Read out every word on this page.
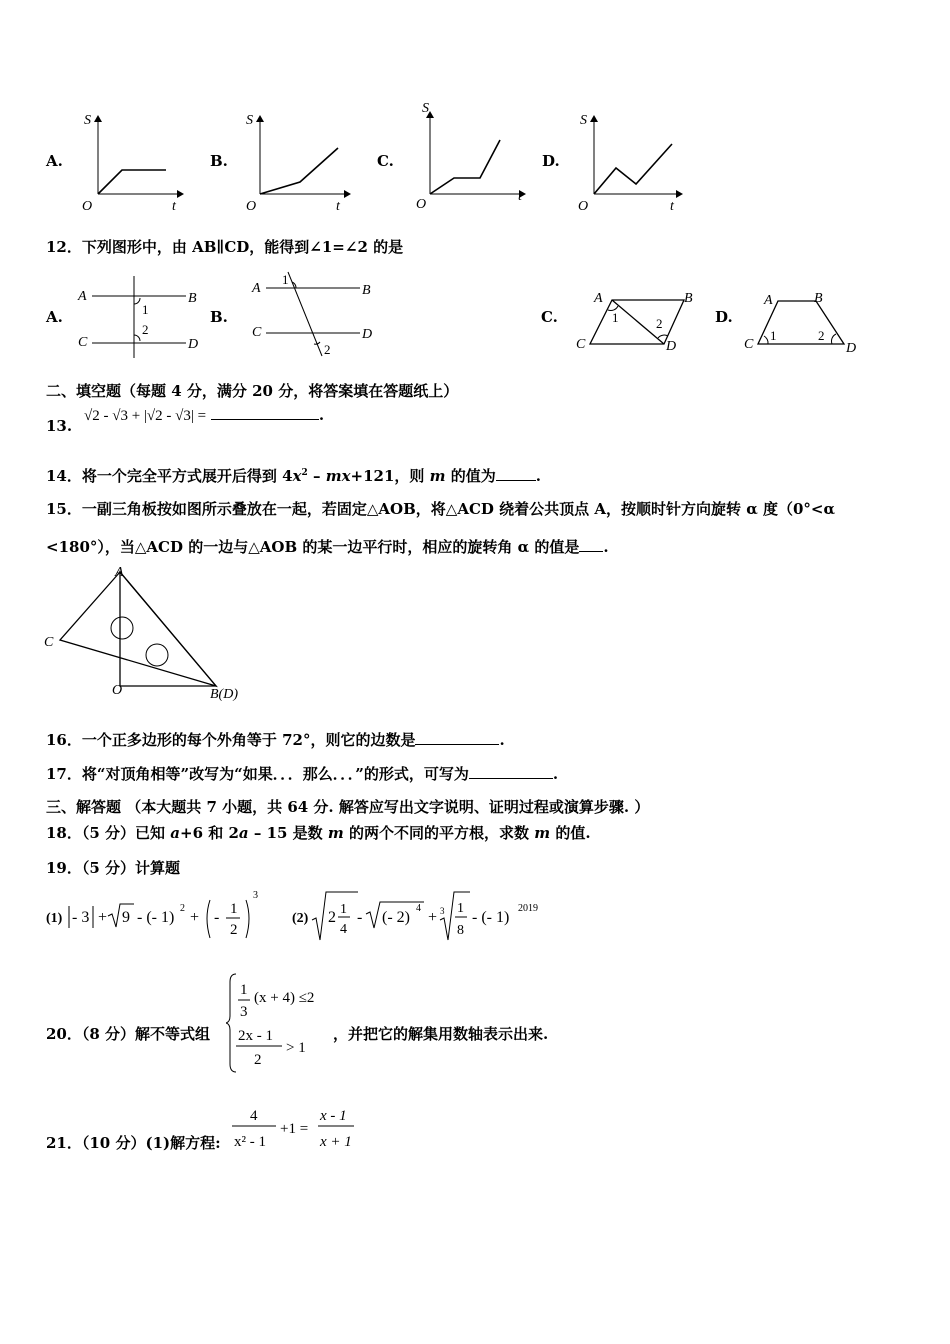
A.	B.	C.	D.
S
O	t
S
O	t
S
O
t
S
O	t
12．下列图形中，由 AB∥CD，能得到∠1=∠2 的是
A.	B.	C.	D.
A	B
C	D
1
2
A	B
C	D
1
2
A	B
C	D
1	2
A	B
C	D
1	2
二、填空题（每题 4 分，满分 20 分，将答案填在答题纸上）
13.
√2 - √3 + |√2 - √3| =	.
14．将一个完全平方式展开后得到 $4x^2 - mx+121$，则 m 的值为	.
15．一副三角板按如图所示叠放在一起，若固定△AOB，将△ACD 绕着公共顶点 A，按顺时针方向旋转 α 度（0°<α
<180°），当△ACD 的一边与△AOB 的某一边平行时，相应的旋转角 α 的值是 .
A
C
O	B(D)
16．一个正多边形的每个外角等于 72°，则它的边数是	.
17．将“对顶角相等”改写为“如果．．．那么．．．”的形式，可写为	.
三、解答题 （本大题共 7 小题，共 64 分. 解答应写出文字说明、证明过程或演算步骤. ）
18．（5 分）已知 a+6 和 2a – 15 是数 m 的两个不同的平方根，求数 m 的值.
19．（5 分）计算题
(1) - 3 + 9 - (- 1)
2
+ - 1
2
3
(2) 2 1
4
- (- 2)
4
+ 3 1
8
- (- 1)
2019
20．（8 分）解不等式组
1
3
(x + 4) ≤2
2x - 1
2
> 1
，并把它的解集用数轴表示出来.
21．（10 分）(1)解方程:
4
x² - 1
+1 =
x - 1
x + 1
